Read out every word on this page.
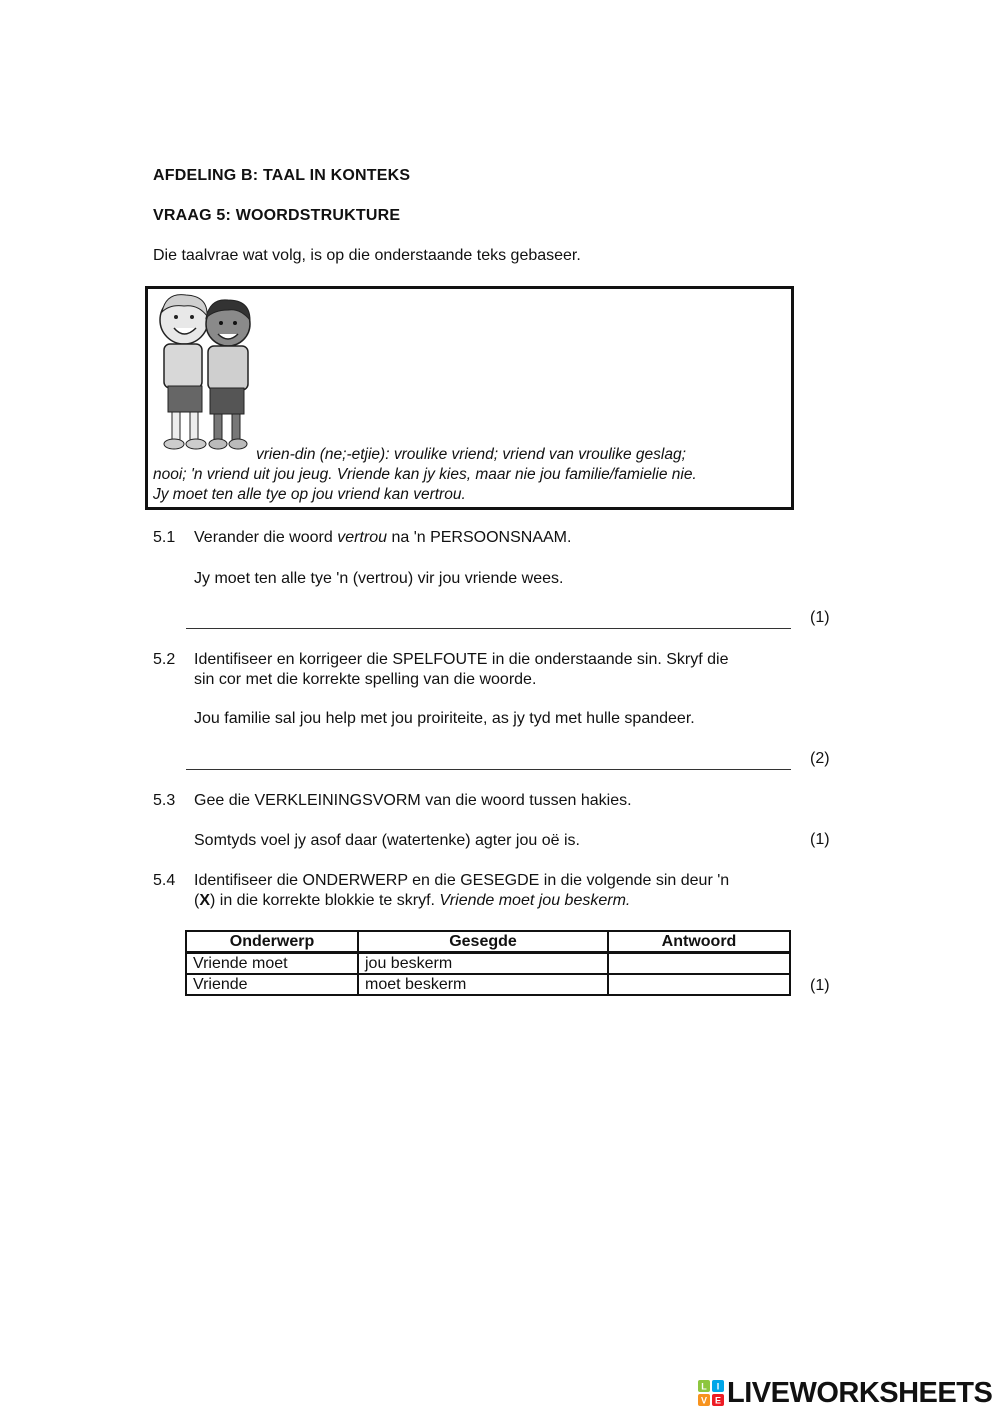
AFDELING B: TAAL IN KONTEKS
VRAAG 5: WOORDSTRUKTURE
Die taalvrae wat volg, is op die onderstaande teks gebaseer.
vrien-din (ne;-etjie): vroulike vriend; vriend van vroulike geslag;
nooi; 'n vriend uit jou jeug. Vriende kan jy kies, maar nie jou familie/famielie nie.
Jy moet ten alle tye op jou vriend kan vertrou.
5.1 Verander die woord vertrou na 'n PERSOONSNAAM.
Jy moet ten alle tye 'n (vertrou) vir jou vriende wees.
(1)
5.2 Identifiseer en korrigeer die SPELFOUTE in die onderstaande sin. Skryf die
sin cor met die korrekte spelling van die woorde.
Jou familie sal jou help met jou proiriteite, as jy tyd met hulle spandeer.
(2)
5.3 Gee die VERKLEININGSVORM van die woord tussen hakies.
Somtyds voel jy asof daar (watertenke) agter jou oë is.	(1)
5.4 Identifiseer die ONDERWERP en die GESEGDE in die volgende sin deur 'n
(X) in die korrekte blokkie te skryf. Vriende moet jou beskerm.
Onderwerp	Gesegde	Antwoord
Vriende moet	jou beskerm	
Vriende	moet beskerm		(1)
L I
V E LIVEWORKSHEETS
